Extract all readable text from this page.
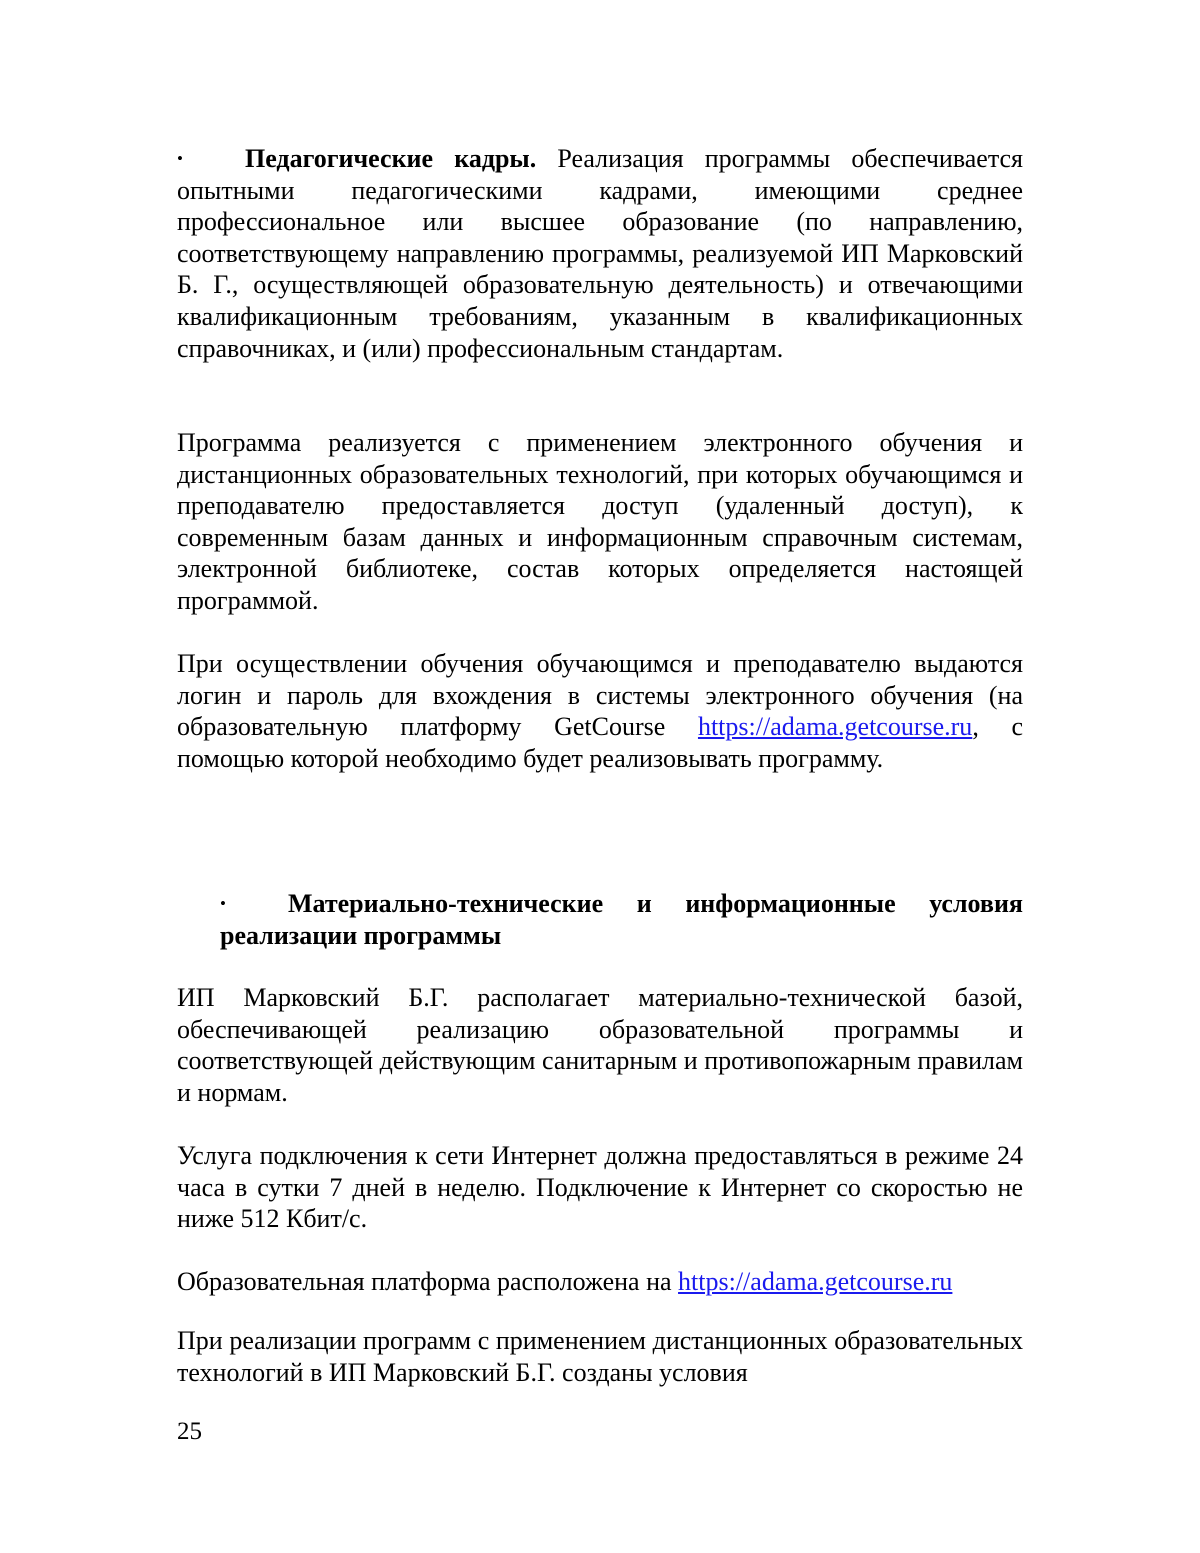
• Педагогические кадры. Реализация программы обеспечивается опытными педагогическими кадрами, имеющими среднее профессиональное или высшее образование (по направлению, соответствующему направлению программы, реализуемой ИП Марковский Б. Г., осуществляющей образовательную деятельность) и отвечающими квалификационным требованиям, указанным в квалификационных справочниках, и (или) профессиональным стандартам.

Программа реализуется с применением электронного обучения и дистанционных образовательных технологий, при которых обучающимся и преподавателю предоставляется доступ (удаленный доступ), к современным базам данных и информационным справочным системам, электронной библиотеке, состав которых определяется настоящей программой.

При осуществлении обучения обучающимся и преподавателю выдаются логин и пароль для вхождения в системы электронного обучения (на образовательную платформу GetCourse https://adama.getcourse.ru, с помощью которой необходимо будет реализовывать программу.

• Материально-технические и информационные условия реализации программы

ИП Марковский Б.Г. располагает материально-технической базой, обеспечивающей реализацию образовательной программы и соответствующей действующим санитарным и противопожарным правилам и нормам.

Услуга подключения к сети Интернет должна предоставляться в режиме 24 часа в сутки 7 дней в неделю. Подключение к Интернет со скоростью не ниже 512 Кбит/с.

Образовательная платформа расположена на https://adama.getcourse.ru

При реализации программ с применением дистанционных образовательных технологий в ИП Марковский Б.Г. созданы условия

25
